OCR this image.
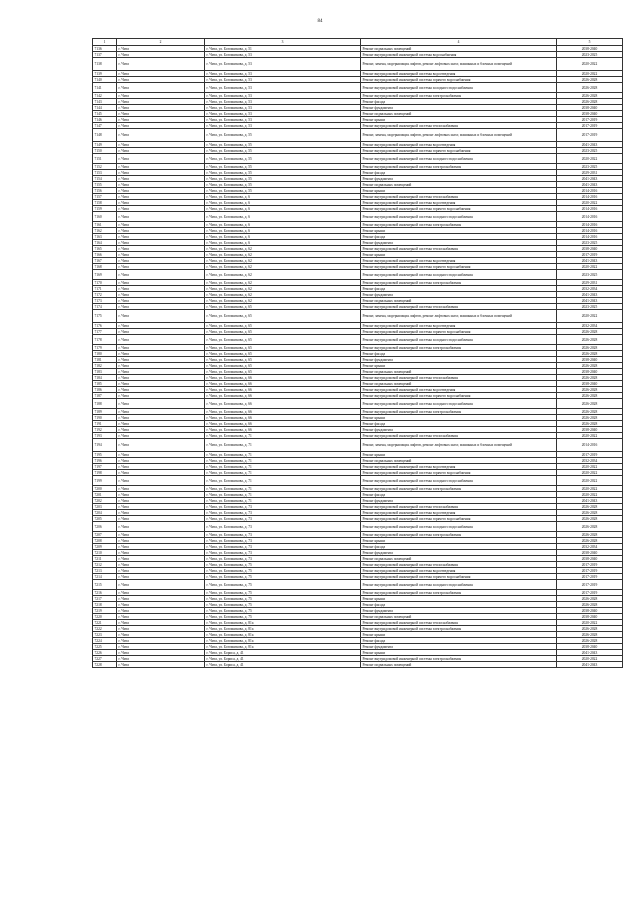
84
1	2	3	4	5
7136	г. Чита	г. Чита, ул. Богомягкова, д. 51	Ремонт подвальных помещений	2038-2040
7137	г. Чита	г. Чита, ул. Богомягкова, д. 53	Ремонт внутридомовой инженерной системы водоснабжения	2023-2025
7138	г. Чита	г. Чита, ул. Богомягкова, д. 53	Ремонт, замена, модернизация лифтов, ремонт лифтовых шахт, машинных и блочных помещений	2020-2022
7139	г. Чита	г. Чита, ул. Богомягкова, д. 53	Ремонт внутридомовой инженерной системы водоотведения	2020-2022
7140	г. Чита	г. Чита, ул. Богомягкова, д. 53	Ремонт внутридомовой инженерной системы горячего водоснабжения	2026-2028
7141	г. Чита	г. Чита, ул. Богомягкова, д. 53	Ремонт внутридомовой инженерной системы холодного водоснабжения	2026-2028
7142	г. Чита	г. Чита, ул. Богомягкова, д. 53	Ремонт внутридомовой инженерной системы электроснабжения	2026-2028
7143	г. Чита	г. Чита, ул. Богомягкова, д. 53	Ремонт фасада	2026-2028
7144	г. Чита	г. Чита, ул. Богомягкова, д. 53	Ремонт фундамента	2038-2040
7145	г. Чита	г. Чита, ул. Богомягкова, д. 53	Ремонт подвальных помещений	2038-2040
7146	г. Чита	г. Чита, ул. Богомягкова, д. 53	Ремонт крыши	2017-2019
7147	г. Чита	г. Чита, ул. Богомягкова, д. 53	Ремонт внутридомовой инженерной системы теплоснабжения	2017-2019
7148	г. Чита	г. Чита, ул. Богомягкова, д. 55	Ремонт, замена, модернизация лифтов, ремонт лифтовых шахт, машинных и блочных помещений	2017-2019
7149	г. Чита	г. Чита, ул. Богомягкова, д. 55	Ремонт внутридомовой инженерной системы водоотведения	2041-2043
7150	г. Чита	г. Чита, ул. Богомягкова, д. 55	Ремонт внутридомовой инженерной системы горячего водоснабжения	2023-2025
7151	г. Чита	г. Чита, ул. Богомягкова, д. 55	Ремонт внутридомовой инженерной системы холодного водоснабжения	2020-2022
7152	г. Чита	г. Чита, ул. Богомягкова, д. 55	Ремонт внутридомовой инженерной системы электроснабжения	2023-2025
7153	г. Чита	г. Чита, ул. Богомягкова, д. 55	Ремонт фасада	2029-2031
7154	г. Чита	г. Чита, ул. Богомягкова, д. 55	Ремонт фундамента	2041-2043
7155	г. Чита	г. Чита, ул. Богомягкова, д. 55	Ремонт подвальных помещений	2041-2043
7156	г. Чита	г. Чита, ул. Богомягкова, д. 55	Ремонт крыши	2014-2016
7157	г. Чита	г. Чита, ул. Богомягкова, д. 6	Ремонт внутридомовой инженерной системы теплоснабжения	2014-2016
7158	г. Чита	г. Чита, ул. Богомягкова, д. 6	Ремонт внутридомовой инженерной системы водоотведения	2020-2022
7159	г. Чита	г. Чита, ул. Богомягкова, д. 6	Ремонт внутридомовой инженерной системы горячего водоснабжения	2014-2016
7160	г. Чита	г. Чита, ул. Богомягкова, д. 6	Ремонт внутридомовой инженерной системы холодного водоснабжения	2014-2016
7161	г. Чита	г. Чита, ул. Богомягкова, д. 6	Ремонт внутридомовой инженерной системы электроснабжения	2014-2016
7162	г. Чита	г. Чита, ул. Богомягкова, д. 6	Ремонт крыши	2014-2016
7163	г. Чита	г. Чита, ул. Богомягкова, д. 6	Ремонт фасада	2014-2016
7164	г. Чита	г. Чита, ул. Богомягкова, д. 6	Ремонт фундамента	2023-2025
7165	г. Чита	г. Чита, ул. Богомягкова, д. 62	Ремонт внутридомовой инженерной системы теплоснабжения	2038-2040
7166	г. Чита	г. Чита, ул. Богомягкова, д. 62	Ремонт крыши	2017-2019
7167	г. Чита	г. Чита, ул. Богомягкова, д. 62	Ремонт внутридомовой инженерной системы водоотведения	2041-2043
7168	г. Чита	г. Чита, ул. Богомягкова, д. 62	Ремонт внутридомовой инженерной системы горячего водоснабжения	2020-2022
7169	г. Чита	г. Чита, ул. Богомягкова, д. 62	Ремонт внутридомовой инженерной системы холодного водоснабжения	2023-2025
7170	г. Чита	г. Чита, ул. Богомягкова, д. 62	Ремонт внутридомовой инженерной системы электроснабжения	2029-2031
7171	г. Чита	г. Чита, ул. Богомягкова, д. 62	Ремонт фасада	2032-2034
7172	г. Чита	г. Чита, ул. Богомягкова, д. 62	Ремонт фундамента	2041-2043
7173	г. Чита	г. Чита, ул. Богомягкова, д. 62	Ремонт подвальных помещений	2041-2043
7174	г. Чита	г. Чита, ул. Богомягкова, д. 65	Ремонт внутридомовой инженерной системы теплоснабжения	2023-2025
7175	г. Чита	г. Чита, ул. Богомягкова, д. 65	Ремонт, замена, модернизация лифтов, ремонт лифтовых шахт, машинных и блочных помещений	2020-2022
7176	г. Чита	г. Чита, ул. Богомягкова, д. 65	Ремонт внутридомовой инженерной системы водоотведения	2032-2034
7177	г. Чита	г. Чита, ул. Богомягкова, д. 65	Ремонт внутридомовой инженерной системы горячего водоснабжения	2026-2028
7178	г. Чита	г. Чита, ул. Богомягкова, д. 65	Ремонт внутридомовой инженерной системы холодного водоснабжения	2026-2028
7179	г. Чита	г. Чита, ул. Богомягкова, д. 65	Ремонт внутридомовой инженерной системы электроснабжения	2026-2028
7180	г. Чита	г. Чита, ул. Богомягкова, д. 65	Ремонт фасада	2026-2028
7181	г. Чита	г. Чита, ул. Богомягкова, д. 65	Ремонт фундамента	2038-2040
7182	г. Чита	г. Чита, ул. Богомягкова, д. 65	Ремонт крыши	2026-2028
7183	г. Чита	г. Чита, ул. Богомягкова, д. 65	Ремонт подвальных помещений	2038-2040
7184	г. Чита	г. Чита, ул. Богомягкова, д. 66	Ремонт внутридомовой инженерной системы теплоснабжения	2026-2028
7185	г. Чита	г. Чита, ул. Богомягкова, д. 66	Ремонт подвальных помещений	2038-2040
7186	г. Чита	г. Чита, ул. Богомягкова, д. 66	Ремонт внутридомовой инженерной системы водоотведения	2026-2028
7187	г. Чита	г. Чита, ул. Богомягкова, д. 66	Ремонт внутридомовой инженерной системы горячего водоснабжения	2026-2028
7188	г. Чита	г. Чита, ул. Богомягкова, д. 66	Ремонт внутридомовой инженерной системы холодного водоснабжения	2026-2028
7189	г. Чита	г. Чита, ул. Богомягкова, д. 66	Ремонт внутридомовой инженерной системы электроснабжения	2026-2028
7190	г. Чита	г. Чита, ул. Богомягкова, д. 66	Ремонт крыши	2026-2028
7191	г. Чита	г. Чита, ул. Богомягкова, д. 66	Ремонт фасада	2026-2028
7192	г. Чита	г. Чита, ул. Богомягкова, д. 66	Ремонт фундамента	2038-2040
7193	г. Чита	г. Чита, ул. Богомягкова, д. 71	Ремонт внутридомовой инженерной системы теплоснабжения	2020-2022
7194	г. Чита	г. Чита, ул. Богомягкова, д. 71	Ремонт, замена, модернизация лифтов, ремонт лифтовых шахт, машинных и блочных помещений	2014-2016
7195	г. Чита	г. Чита, ул. Богомягкова, д. 71	Ремонт крыши	2017-2019
7196	г. Чита	г. Чита, ул. Богомягкова, д. 71	Ремонт подвальных помещений	2032-2034
7197	г. Чита	г. Чита, ул. Богомягкова, д. 71	Ремонт внутридомовой инженерной системы водоотведения	2020-2022
7198	г. Чита	г. Чита, ул. Богомягкова, д. 71	Ремонт внутридомовой инженерной системы горячего водоснабжения	2020-2022
7199	г. Чита	г. Чита, ул. Богомягкова, д. 71	Ремонт внутридомовой инженерной системы холодного водоснабжения	2020-2022
7200	г. Чита	г. Чита, ул. Богомягкова, д. 71	Ремонт внутридомовой инженерной системы электроснабжения	2020-2022
7201	г. Чита	г. Чита, ул. Богомягкова, д. 71	Ремонт фасада	2020-2022
7202	г. Чита	г. Чита, ул. Богомягкова, д. 71	Ремонт фундамента	2041-2043
7203	г. Чита	г. Чита, ул. Богомягкова, д. 73	Ремонт внутридомовой инженерной системы теплоснабжения	2026-2028
7204	г. Чита	г. Чита, ул. Богомягкова, д. 73	Ремонт внутридомовой инженерной системы водоотведения	2026-2028
7205	г. Чита	г. Чита, ул. Богомягкова, д. 73	Ремонт внутридомовой инженерной системы горячего водоснабжения	2026-2028
7206	г. Чита	г. Чита, ул. Богомягкова, д. 73	Ремонт внутридомовой инженерной системы холодного водоснабжения	2026-2028
7207	г. Чита	г. Чита, ул. Богомягкова, д. 73	Ремонт внутридомовой инженерной системы электроснабжения	2026-2028
7208	г. Чита	г. Чита, ул. Богомягкова, д. 73	Ремонт крыши	2026-2028
7209	г. Чита	г. Чита, ул. Богомягкова, д. 73	Ремонт фасада	2032-2034
7210	г. Чита	г. Чита, ул. Богомягкова, д. 73	Ремонт фундамента	2038-2040
7211	г. Чита	г. Чита, ул. Богомягкова, д. 73	Ремонт подвальных помещений	2038-2040
7212	г. Чита	г. Чита, ул. Богомягкова, д. 75	Ремонт внутридомовой инженерной системы теплоснабжения	2017-2019
7213	г. Чита	г. Чита, ул. Богомягкова, д. 75	Ремонт внутридомовой инженерной системы водоотведения	2017-2019
7214	г. Чита	г. Чита, ул. Богомягкова, д. 75	Ремонт внутридомовой инженерной системы горячего водоснабжения	2017-2019
7215	г. Чита	г. Чита, ул. Богомягкова, д. 75	Ремонт внутридомовой инженерной системы холодного водоснабжения	2017-2019
7216	г. Чита	г. Чита, ул. Богомягкова, д. 75	Ремонт внутридомовой инженерной системы электроснабжения	2017-2019
7217	г. Чита	г. Чита, ул. Богомягкова, д. 75	Ремонт крыши	2026-2028
7218	г. Чита	г. Чита, ул. Богомягкова, д. 75	Ремонт фасада	2026-2028
7219	г. Чита	г. Чита, ул. Богомягкова, д. 75	Ремонт фундамента	2038-2040
7220	г. Чита	г. Чита, ул. Богомягкова, д. 75	Ремонт подвальных помещений	2038-2040
7221	г. Чита	г. Чита, ул. Богомягкова, д. 81а	Ремонт внутридомовой инженерной системы теплоснабжения	2020-2022
7222	г. Чита	г. Чита, ул. Богомягкова, д. 81а	Ремонт внутридомовой инженерной системы электроснабжения	2026-2028
7223	г. Чита	г. Чита, ул. Богомягкова, д. 81а	Ремонт крыши	2026-2028
7224	г. Чита	г. Чита, ул. Богомягкова, д. 81а	Ремонт фасада	2026-2028
7225	г. Чита	г. Чита, ул. Богомягкова, д. 81а	Ремонт фундамента	2038-2040
7226	г. Чита	г. Чита, ул. Бориса, д. 41	Ремонт крыши	2041-2043
7227	г. Чита	г. Чита, ул. Бориса, д. 41	Ремонт внутридомовой инженерной системы электроснабжения	2020-2022
7228	г. Чита	г. Чита, ул. Бориса, д. 41	Ремонт подвальных помещений	2041-2043
